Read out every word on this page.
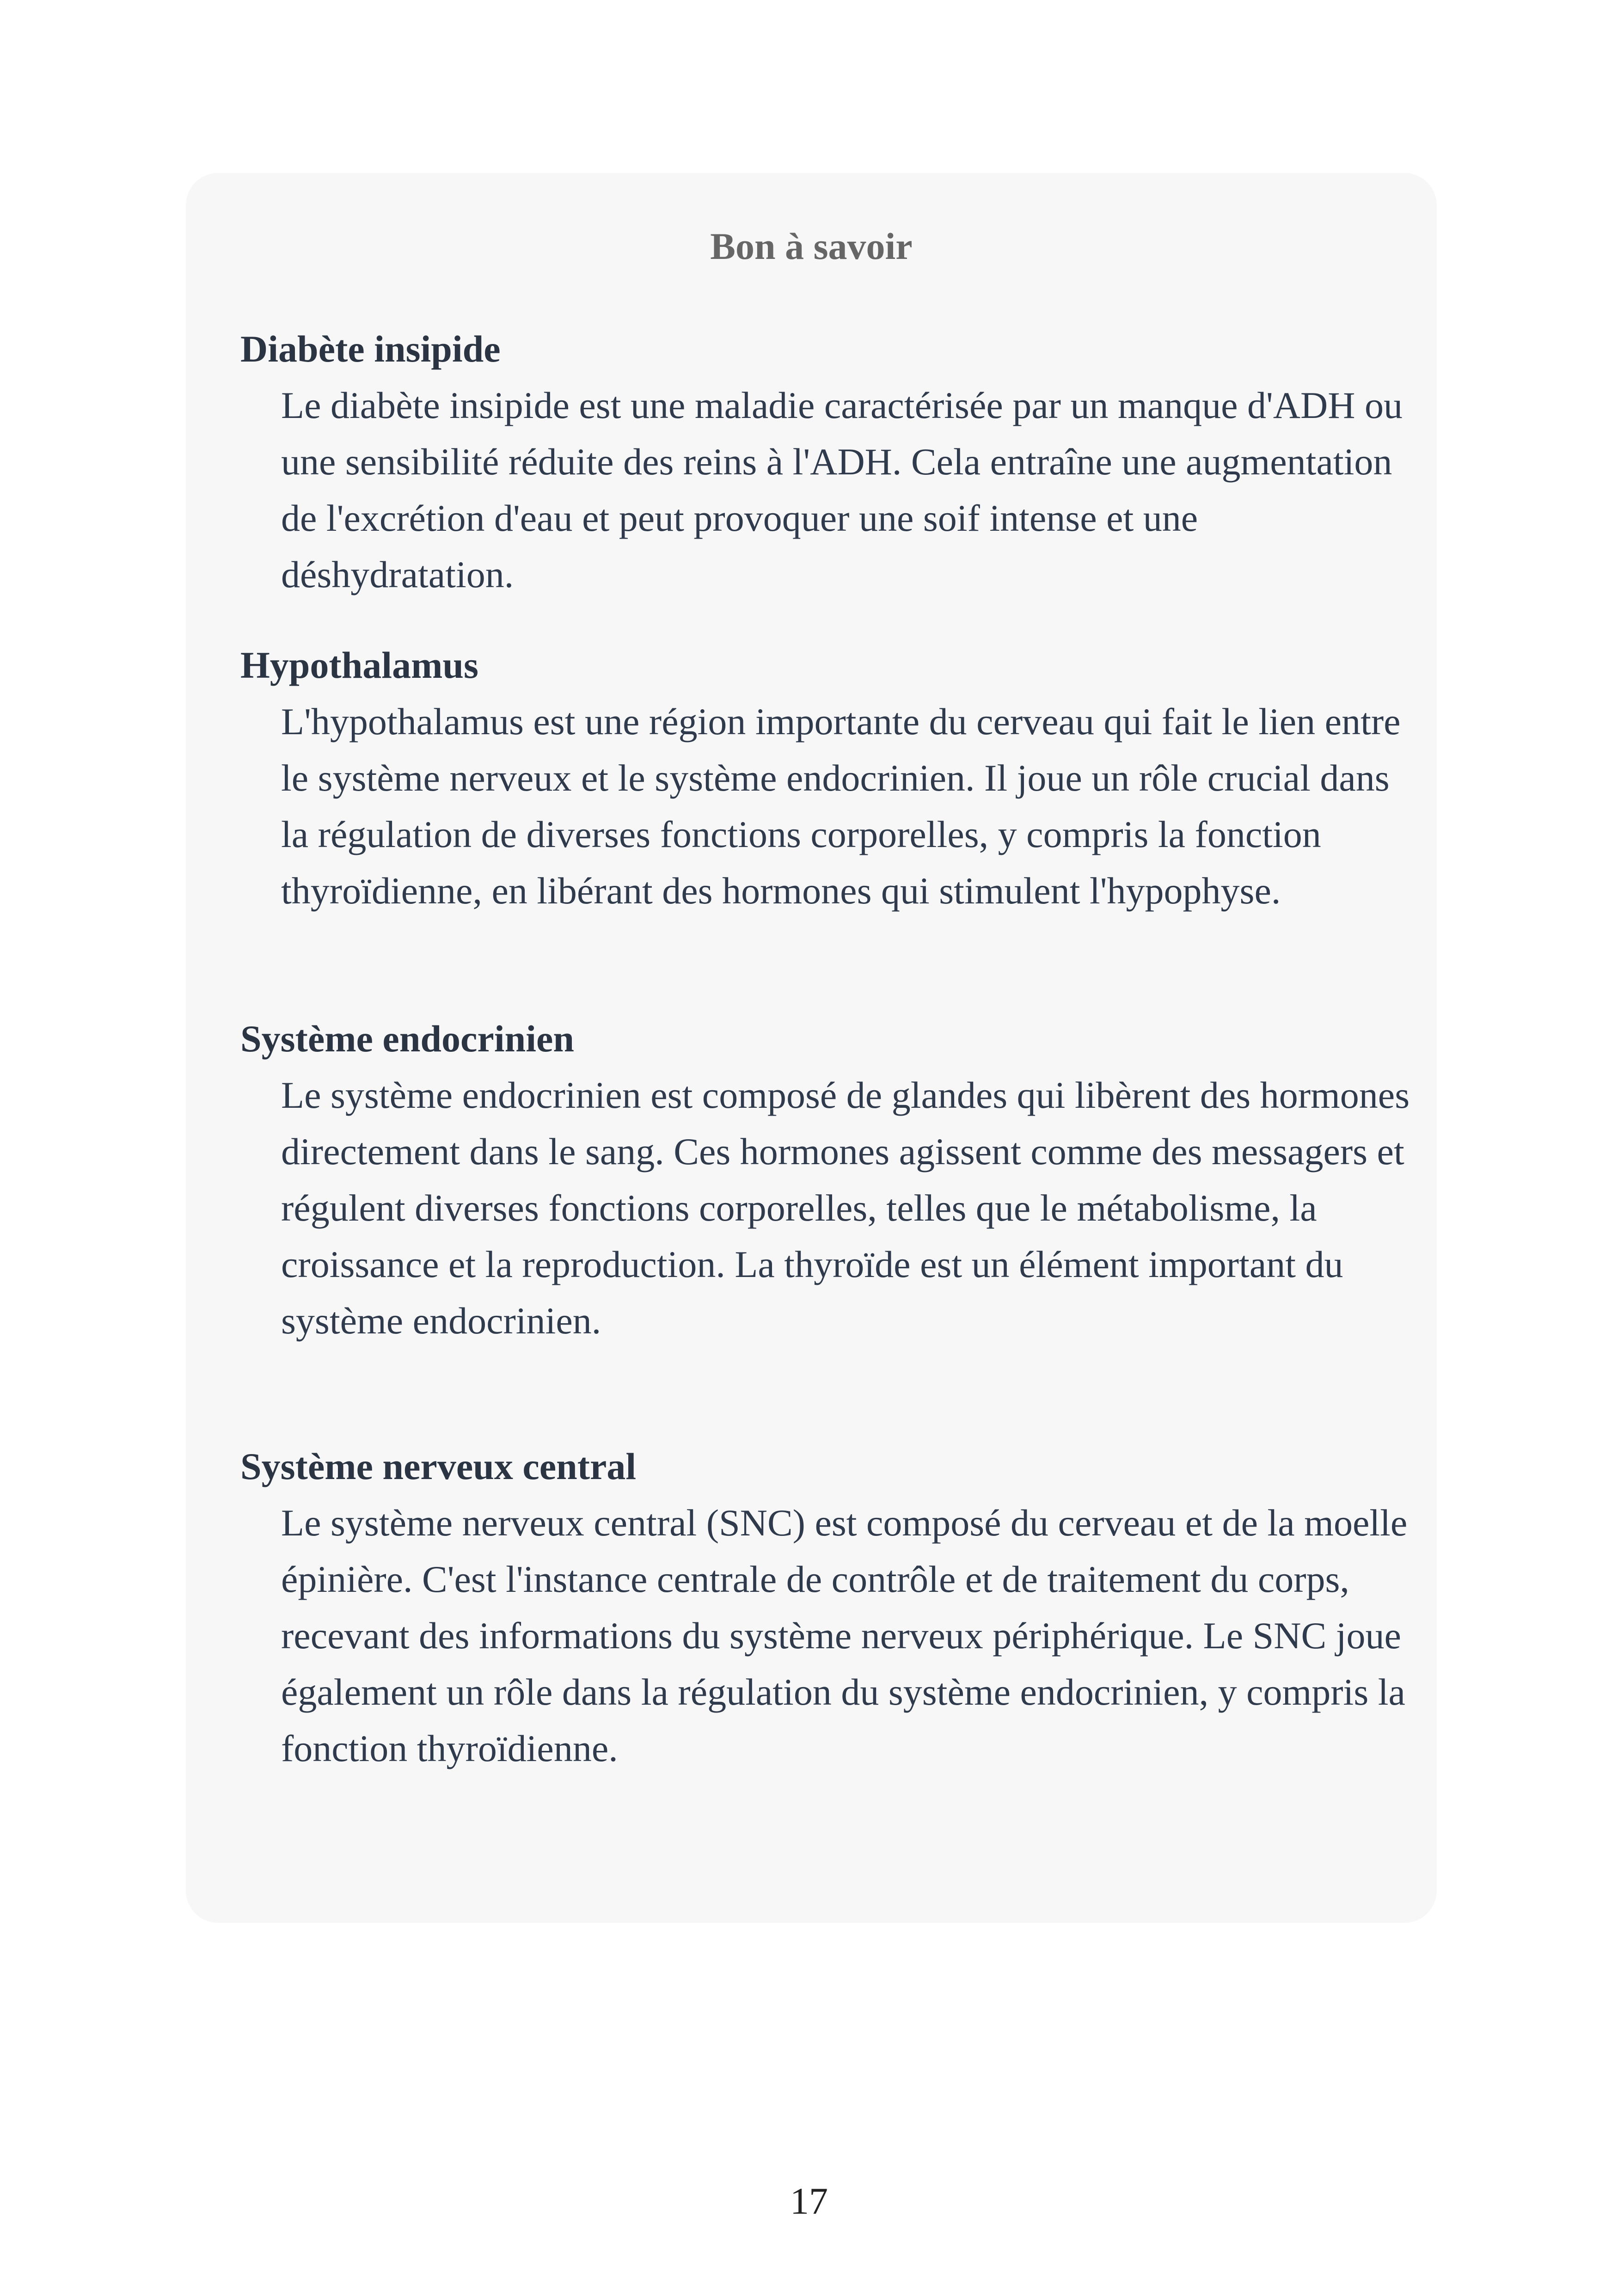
Bon à savoir
Diabète insipide
Le diabète insipide est une maladie caractérisée par un manque d'ADH ou une sensibilité réduite des reins à l'ADH. Cela entraîne une augmentation de l'excrétion d'eau et peut provoquer une soif intense et une déshydratation.
Hypothalamus
L'hypothalamus est une région importante du cerveau qui fait le lien entre le système nerveux et le système endocrinien. Il joue un rôle crucial dans la régulation de diverses fonctions corporelles, y compris la fonction thyroïdienne, en libérant des hormones qui stimulent l'hypophyse.
Système endocrinien
Le système endocrinien est composé de glandes qui libèrent des hormones directement dans le sang. Ces hormones agissent comme des messagers et régulent diverses fonctions corporelles, telles que le métabolisme, la croissance et la reproduction. La thyroïde est un élément important du système endocrinien.
Système nerveux central
Le système nerveux central (SNC) est composé du cerveau et de la moelle épinière. C'est l'instance centrale de contrôle et de traitement du corps, recevant des informations du système nerveux périphérique. Le SNC joue également un rôle dans la régulation du système endocrinien, y compris la fonction thyroïdienne.
17
